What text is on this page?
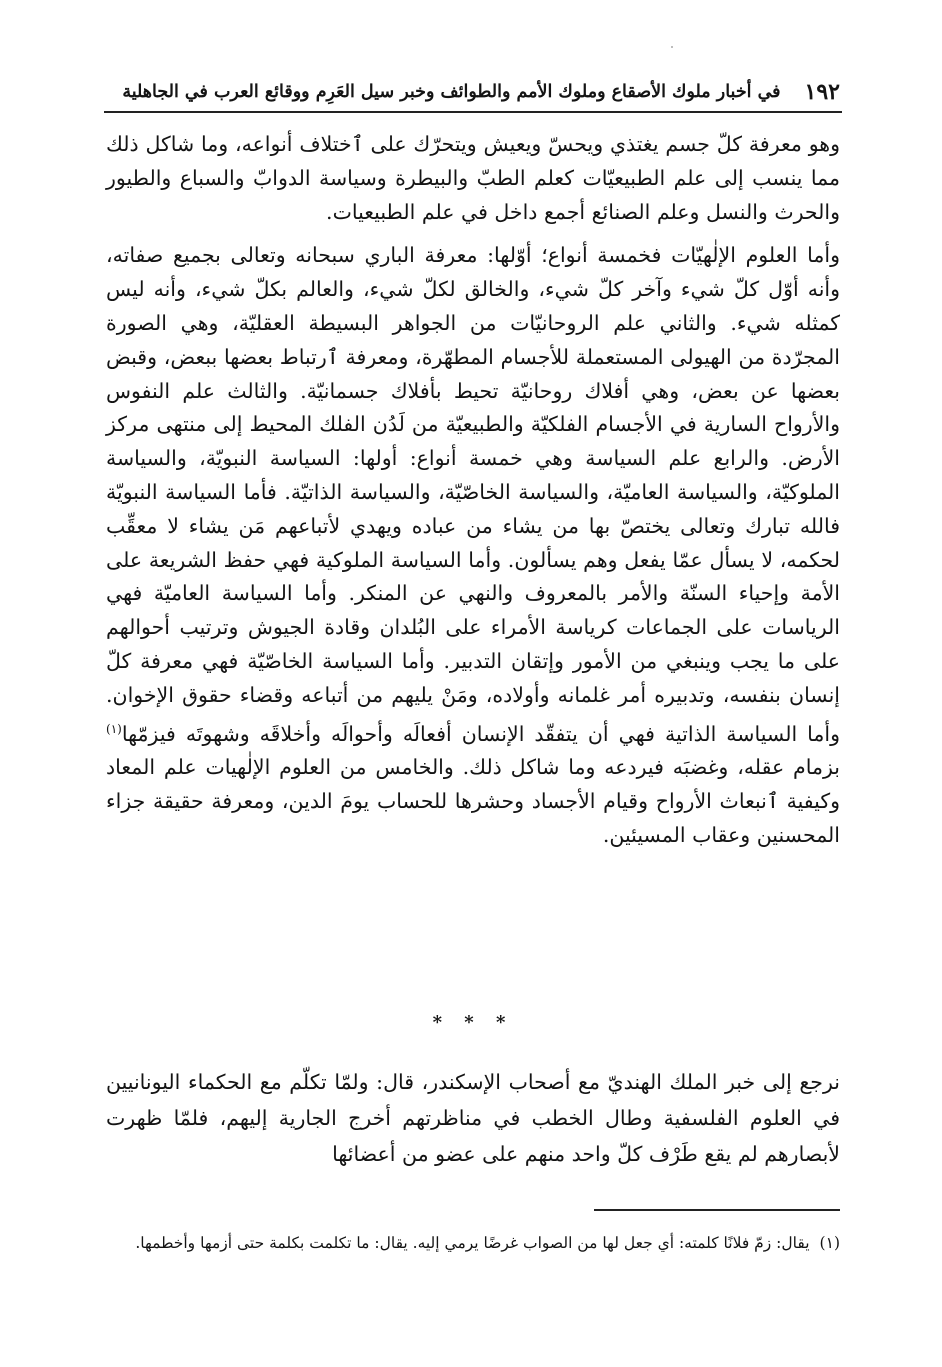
١٩٢
في أخبار ملوك الأصقاع وملوك الأمم والطوائف وخبر سيل العَرِم ووقائع العرب في الجاهلية

وهو معرفة كلّ جسم يغتذي ويحسّ ويعيش ويتحرّك على ٱختلاف أنواعه، وما شاكل ذلك مما ينسب إلى علم الطبيعيّات كعلم الطبّ والبيطرة وسياسة الدوابّ والسباع والطيور والحرث والنسل وعلم الصنائع أجمع داخل في علم الطبيعيات.

وأما العلوم الإلٰهيّات فخمسة أنواع؛ أوّلها: معرفة الباري سبحانه وتعالى بجميع صفاته، وأنه أوّل كلّ شيء وآخر كلّ شيء، والخالق لكلّ شيء، والعالم بكلّ شيء، وأنه ليس كمثله شيء. والثاني علم الروحانيّات من الجواهر البسيطة العقليّة، وهي الصورة المجرّدة من الهيولى المستعملة للأجسام المطهّرة، ومعرفة ٱرتباط بعضها ببعض، وقبض بعضها عن بعض، وهي أفلاك روحانيّة تحيط بأفلاك جسمانيّة. والثالث علم النفوس والأرواح السارية في الأجسام الفلكيّة والطبيعيّة من لَدُن الفلك المحيط إلى منتهى مركز الأرض. والرابع علم السياسة وهي خمسة أنواع: أولها: السياسة النبويّة، والسياسة الملوكيّة، والسياسة العاميّة، والسياسة الخاصّيّة، والسياسة الذاتيّة. فأما السياسة النبويّة فالله تبارك وتعالى يختصّ بها من يشاء من عباده ويهدي لأتباعهم مَن يشاء لا معقِّب لحكمه، لا يسأل عمّا يفعل وهم يسألون. وأما السياسة الملوكية فهي حفظ الشريعة على الأمة وإحياء السنّة والأمر بالمعروف والنهي عن المنكر. وأما السياسة العاميّة فهي الرياسات على الجماعات كرياسة الأمراء على البُلدان وقادة الجيوش وترتيب أحوالهم على ما يجب وينبغي من الأمور وإتقان التدبير. وأما السياسة الخاصّيّة فهي معرفة كلّ إنسان بنفسه، وتدبيره أمر غلمانه وأولاده، ومَنْ يليهم من أتباعه وقضاء حقوق الإخوان. وأما السياسة الذاتية فهي أن يتفقّد الإنسان أفعالَه وأحوالَه وأخلاقَه وشهوتَه فيزمّها$^{(١)}$ بزمام عقله، وغضبَه فيردعه وما شاكل ذلك. والخامس من العلوم الإلٰهيات علم المعاد وكيفية ٱنبعاث الأرواح وقيام الأجساد وحشرها للحساب يومَ الدين، ومعرفة حقيقة جزاء المحسنين وعقاب المسيئين.

* * *

نرجع إلى خبر الملك الهنديّ مع أصحاب الإسكندر، قال: ولمّا تكلّم مع الحكماء اليونانيين في العلوم الفلسفية وطال الخطب في مناظرتهم أخرج الجارية إليهم، فلمّا ظهرت لأبصارهم لم يقع طَرْف كلّ واحد منهم على عضو من أعضائها

(١)يقال: زمّ فلانًا كلمته: أي جعل لها من الصواب غرضًا يرمي إليه. يقال: ما تكلمت بكلمة حتى أزمها وأخطمها.
